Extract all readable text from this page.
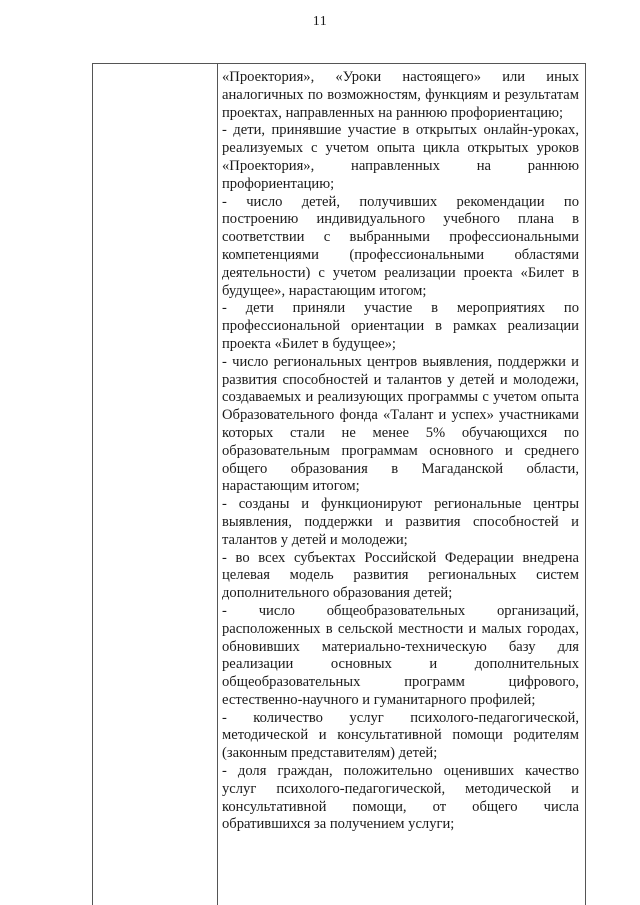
11

«Проектория», «Уроки настоящего» или иных аналогичных по возможностям, функциям и результатам проектах, направленных на раннюю профориентацию;

- дети, принявшие участие в открытых онлайн-уроках, реализуемых с учетом опыта цикла открытых уроков «Проектория», направленных на раннюю профориентацию;

- число детей, получивших рекомендации по построению индивидуального учебного плана в соответствии с выбранными профессиональными компетенциями (профессиональными областями деятельности) с учетом реализации проекта «Билет в будущее», нарастающим итогом;

- дети приняли участие в мероприятиях по профессиональной ориентации в рамках реализации проекта «Билет в будущее»;

- число региональных центров выявления, поддержки и развития способностей и талантов у детей и молодежи, создаваемых и реализующих программы с учетом опыта Образовательного фонда «Талант и успех» участниками которых стали не менее 5% обучающихся по образовательным программам основного и среднего общего образования в Магаданской области, нарастающим итогом;

- созданы и функционируют региональные центры выявления, поддержки и развития способностей и талантов у детей и молодежи;

- во всех субъектах Российской Федерации внедрена целевая модель развития региональных систем дополнительного образования детей;

- число общеобразовательных организаций, расположенных в сельской местности и малых городах, обновивших материально-техническую базу для реализации основных и дополнительных общеобразовательных программ цифрового, естественно-научного и гуманитарного профилей;

- количество услуг психолого-педагогической, методической и консультативной помощи родителям (законным представителям) детей;

- доля граждан, положительно оценивших качество услуг психолого-педагогической, методической и консультативной помощи, от общего числа обратившихся за получением услуги;
